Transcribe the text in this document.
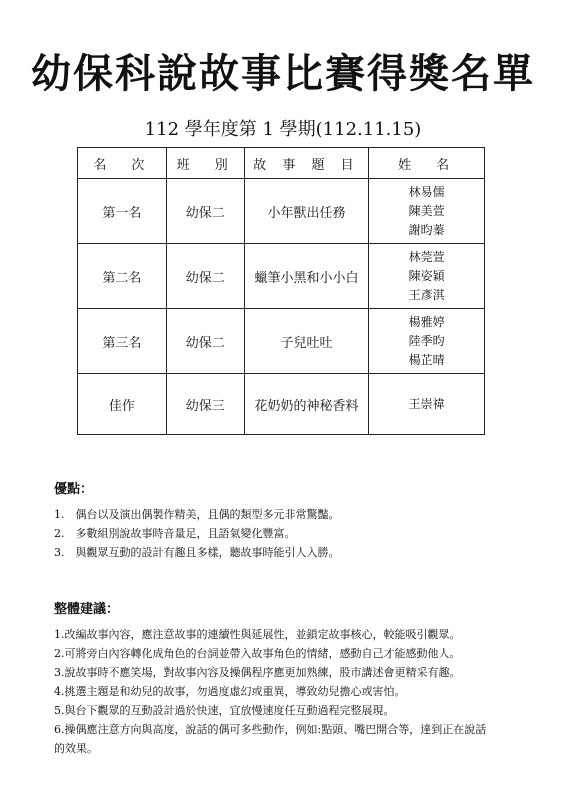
幼保科說故事比賽得獎名單
112 學年度第 1 學期(112.11.15)
名　次	班　別	故 事 題 目	姓　名
第一名	幼保二	小年獸出任務	林易儒
陳美萱
謝昀蓁

第二名	幼保二	蠟筆小黑和小小白	林莞萱
陳姿穎
王彥淇

第三名	幼保二	子兒吐吐	楊雅婷
陸季昀
楊芷晴

佳作	幼保三	花奶奶的神秘香料	王崇禕
優點：
1.　偶台以及演出偶製作精美，且偶的類型多元非常驚豔。
2.　多數組別說故事時音量足，且語氣變化豐富。
3.　與觀眾互動的設計有趣且多樣，聽故事時能引人入勝。
整體建議：
1.改編故事內容，應注意故事的連續性與延展性，並鎖定故事核心，較能吸引觀眾。
2.可將旁白內容轉化成角色的台詞並帶入故事角色的情緒，感動自己才能感動他人。
3.說故事時不應笑場，對故事內容及操偶程序應更加熟練，股市講述會更精采有趣。
4.挑選主題是和幼兒的故事，勿過度虛幻或重異，導致幼兒擔心或害怕。
5.與台下觀眾的互動設計過於快速，宜放慢速度任互動過程完整展現。
6.操偶應注意方向與高度，說話的偶可多些動作，例如:點頭、嘴巴開合等，達到正在說話
的效果。
